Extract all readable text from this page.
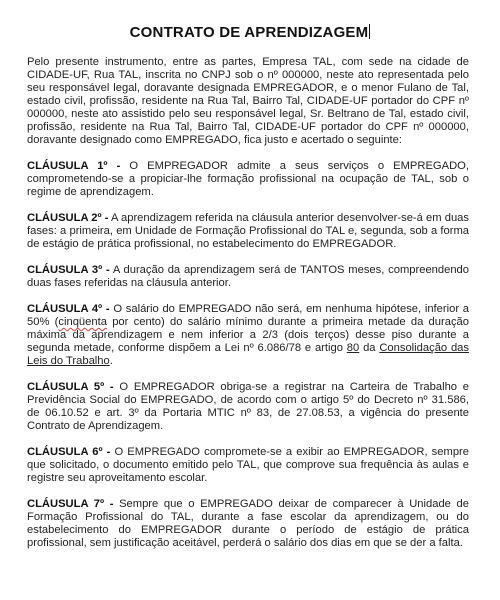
CONTRATO DE APRENDIZAGEM

Pelo presente instrumento, entre as partes, Empresa TAL, com sede na cidade de CIDADE-UF, Rua TAL, inscrita no CNPJ sob o nº 000000, neste ato representada pelo seu responsável legal, doravante designada EMPREGADOR, e o menor Fulano de Tal, estado civil, profissão, residente na Rua Tal, Bairro Tal, CIDADE-UF portador do CPF nº 000000, neste ato assistido pelo seu responsável legal, Sr. Beltrano de Tal, estado civil, profissão, residente na Rua Tal, Bairro Tal, CIDADE-UF portador do CPF nº 000000, doravante designado como EMPREGADO, fica justo e acertado o seguinte:

CLÁUSULA 1º - O EMPREGADOR admite a seus serviços o EMPREGADO, comprometendo-se a propiciar-lhe formação profissional na ocupação de TAL, sob o regime de aprendizagem.

CLÁUSULA 2º - A aprendizagem referida na cláusula anterior desenvolver-se-á em duas fases: a primeira, em Unidade de Formação Profissional do TAL e, segunda, sob a forma de estágio de prática profissional, no estabelecimento do EMPREGADOR.

CLÁUSULA 3º - A duração da aprendizagem será de TANTOS meses, compreendendo duas fases referidas na cláusula anterior.

CLÁUSULA 4º - O salário do EMPREGADO não será, em nenhuma hipótese, inferior a 50% (cinqüenta por cento) do salário mínimo durante a primeira metade da duração máxima da aprendizagem e nem inferior a 2/3 (dois terços) desse piso durante a segunda metade, conforme dispõem a Lei nº 6.086/78 e artigo 80 da Consolidação das Leis do Trabalho.

CLÁUSULA 5º - O EMPREGADOR obriga-se a registrar na Carteira de Trabalho e Previdência Social do EMPREGADO, de acordo com o artigo 5º do Decreto nº 31.586, de 06.10.52 e art. 3º da Portaria MTIC nº 83, de 27.08.53, a vigência do presente Contrato de Aprendizagem.

CLÁUSULA 6º - O EMPREGADO compromete-se a exibir ao EMPREGADOR, sempre que solicitado, o documento emitido pelo TAL, que comprove sua frequência às aulas e registre seu aproveitamento escolar.

CLÁUSULA 7º - Sempre que o EMPREGADO deixar de comparecer à Unidade de Formação Profissional do TAL, durante a fase escolar da aprendizagem, ou do estabelecimento do EMPREGADOR durante o período de estágio de prática profissional, sem justificação aceitável, perderá o salário dos dias em que se der a falta.
